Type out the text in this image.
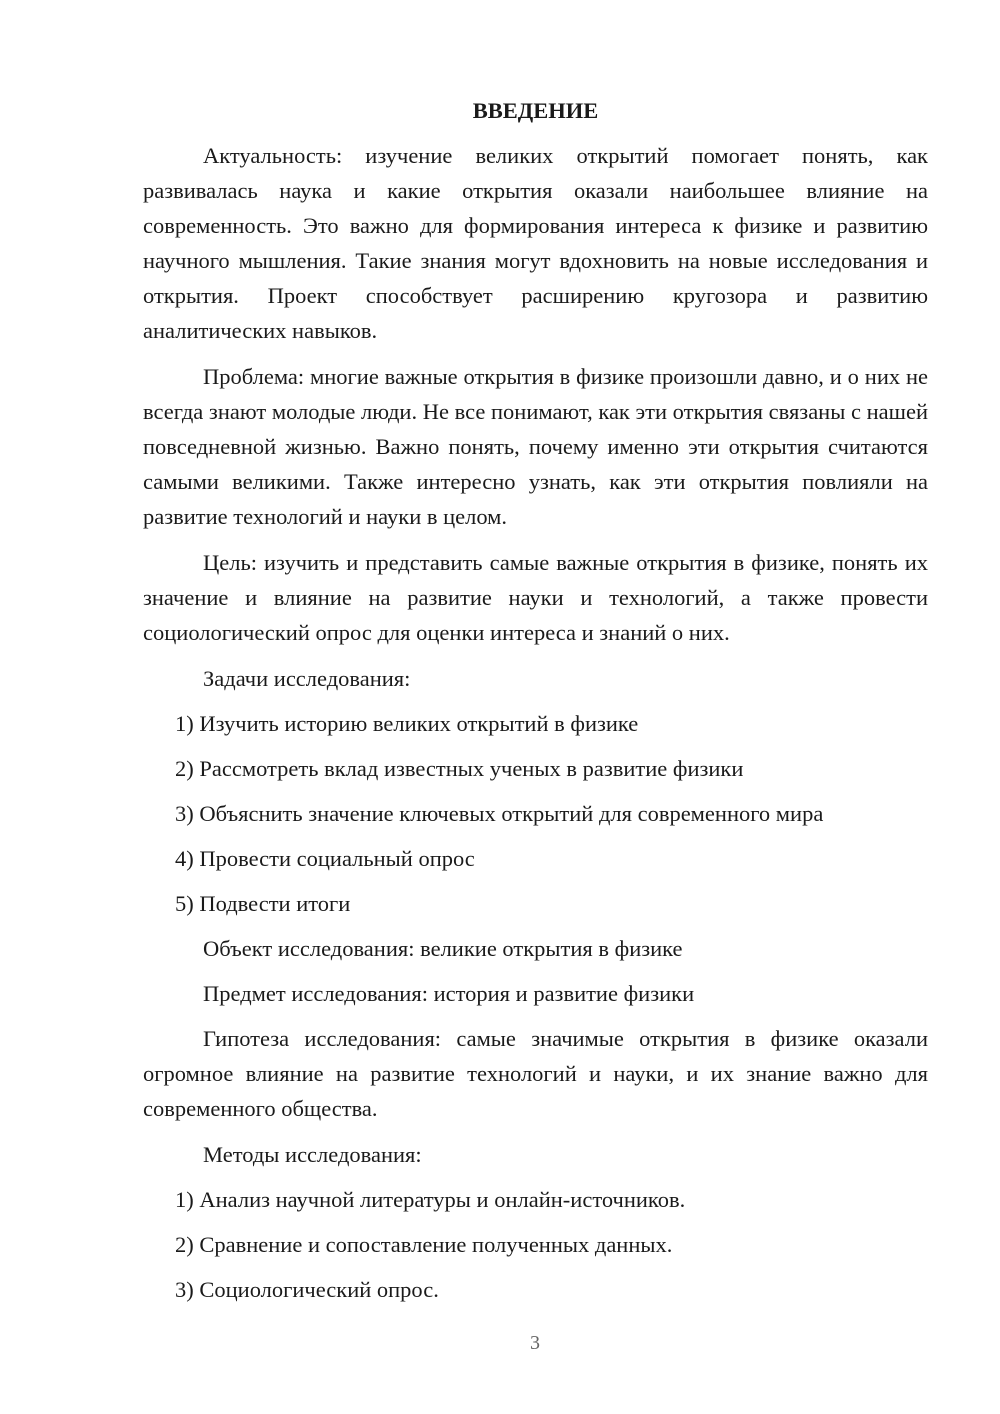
ВВЕДЕНИЕ
Актуальность: изучение великих открытий помогает понять, как развивалась наука и какие открытия оказали наибольшее влияние на современность. Это важно для формирования интереса к физике и развитию научного мышления. Такие знания могут вдохновить на новые исследования и открытия. Проект способствует расширению кругозора и развитию аналитических навыков.
Проблема: многие важные открытия в физике произошли давно, и о них не всегда знают молодые люди. Не все понимают, как эти открытия связаны с нашей повседневной жизнью. Важно понять, почему именно эти открытия считаются самыми великими. Также интересно узнать, как эти открытия повлияли на развитие технологий и науки в целом.
Цель: изучить и представить самые важные открытия в физике, понять их значение и влияние на развитие науки и технологий, а также провести социологический опрос для оценки интереса и знаний о них.
Задачи исследования:
1) Изучить историю великих открытий в физике
2) Рассмотреть вклад известных ученых в развитие физики
3) Объяснить значение ключевых открытий для современного мира
4) Провести социальный опрос
5) Подвести итоги
Объект исследования: великие открытия в физике
Предмет исследования: история и развитие физики
Гипотеза исследования: самые значимые открытия в физике оказали огромное влияние на развитие технологий и науки, и их знание важно для современного общества.
Методы исследования:
1) Анализ научной литературы и онлайн-источников.
2) Сравнение и сопоставление полученных данных.
3) Социологический опрос.
3
